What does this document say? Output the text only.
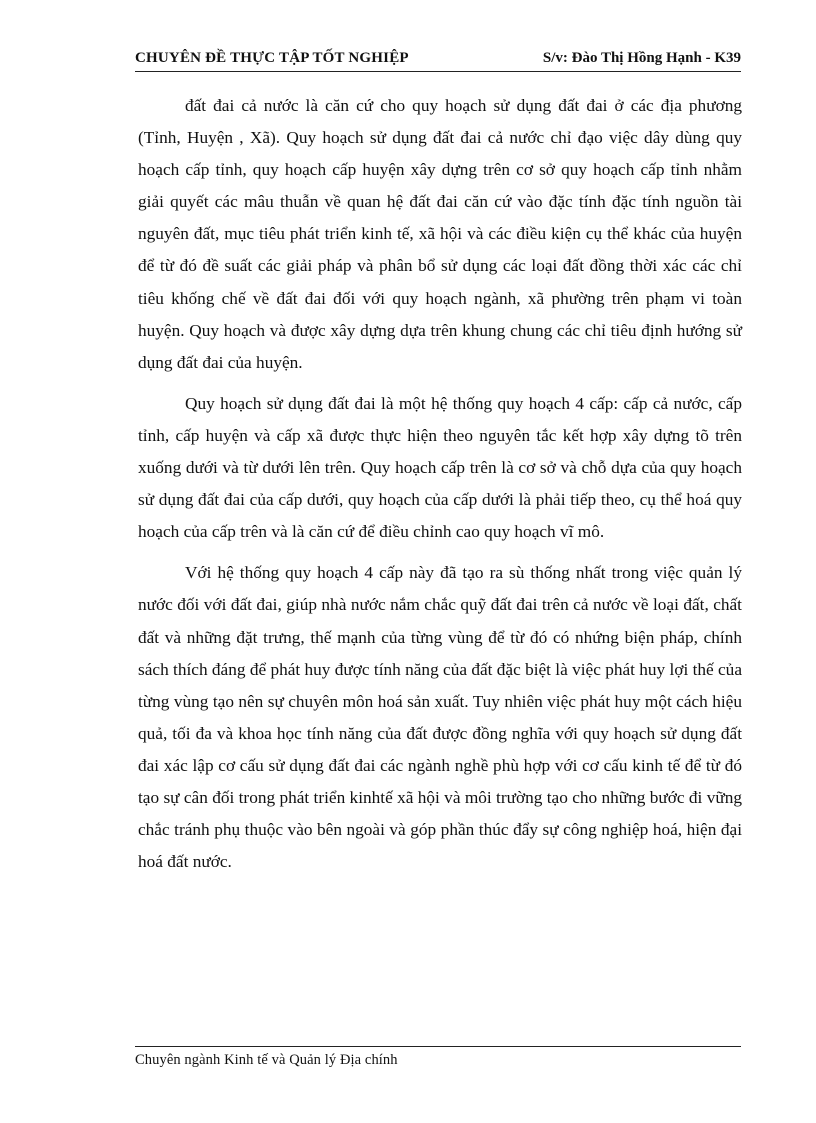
CHUYÊN ĐỀ THỰC TẬP TỐT NGHIỆP	S/v: Đào Thị Hồng Hạnh - K39

đất đai cả nước là căn cứ cho quy hoạch sử dụng đất đai ở các địa phương (Tỉnh, Huyện , Xã). Quy hoạch sử dụng đất đai cả nước chỉ đạo việc dây dùng quy hoạch cấp tỉnh, quy hoạch cấp huyện xây dựng trên cơ sở quy hoạch cấp tỉnh nhằm giải quyết các mâu thuẫn về quan hệ đất đai căn cứ vào đặc tính đặc tính nguồn tài nguyên đất, mục tiêu phát triển kinh tế, xã hội và các điều kiện cụ thể khác của huyện để từ đó đề suất các giải pháp và phân bổ sử dụng các loại đất đồng thời xác các chỉ tiêu khống chế về đất đai đối với quy hoạch ngành, xã phường trên phạm vi toàn huyện. Quy hoạch và được xây dựng dựa trên khung chung các chỉ tiêu định hướng sử dụng đất đai của huyện.

Quy hoạch sử dụng đất đai là một hệ thống quy hoạch 4 cấp: cấp cả nước, cấp tỉnh, cấp huyện và cấp xã được thực hiện theo nguyên tắc kết hợp xây dựng tõ trên xuống dưới và từ dưới lên trên. Quy hoạch cấp trên là cơ sở và chỗ dựa của quy hoạch sử dụng đất đai của cấp dưới, quy hoạch của cấp dưới là phải tiếp theo, cụ thể hoá quy hoạch của cấp trên và là căn cứ để điều chỉnh cao quy hoạch vĩ mô.

Với hệ thống quy hoạch 4 cấp này đã tạo ra sù thống nhất trong việc quản lý nước đối với đất đai, giúp nhà nước nắm chắc quỹ đất đai trên cả nước về loại đất, chất đất và những đặt trưng, thế mạnh của từng vùng để từ đó có nhứng biện pháp, chính sách thích đáng để phát huy được tính năng của đất đặc biệt là việc phát huy lợi thế của từng vùng tạo nên sự chuyên môn hoá sản xuất. Tuy nhiên việc phát huy một cách hiệu quả, tối đa và khoa học tính năng của đất được đồng nghĩa với quy hoạch sử dụng đất đai xác lập cơ cấu sử dụng đất đai các ngành nghề phù hợp với cơ cấu kinh tế để từ đó tạo sự cân đối trong phát triển kinhtế xã hội và môi trường tạo cho những bước đi vững chắc tránh phụ thuộc vào bên ngoài và góp phần thúc đẩy sự công nghiệp hoá, hiện đại hoá đất nước.

Chuyên ngành Kinh tế và Quản lý Địa chính
